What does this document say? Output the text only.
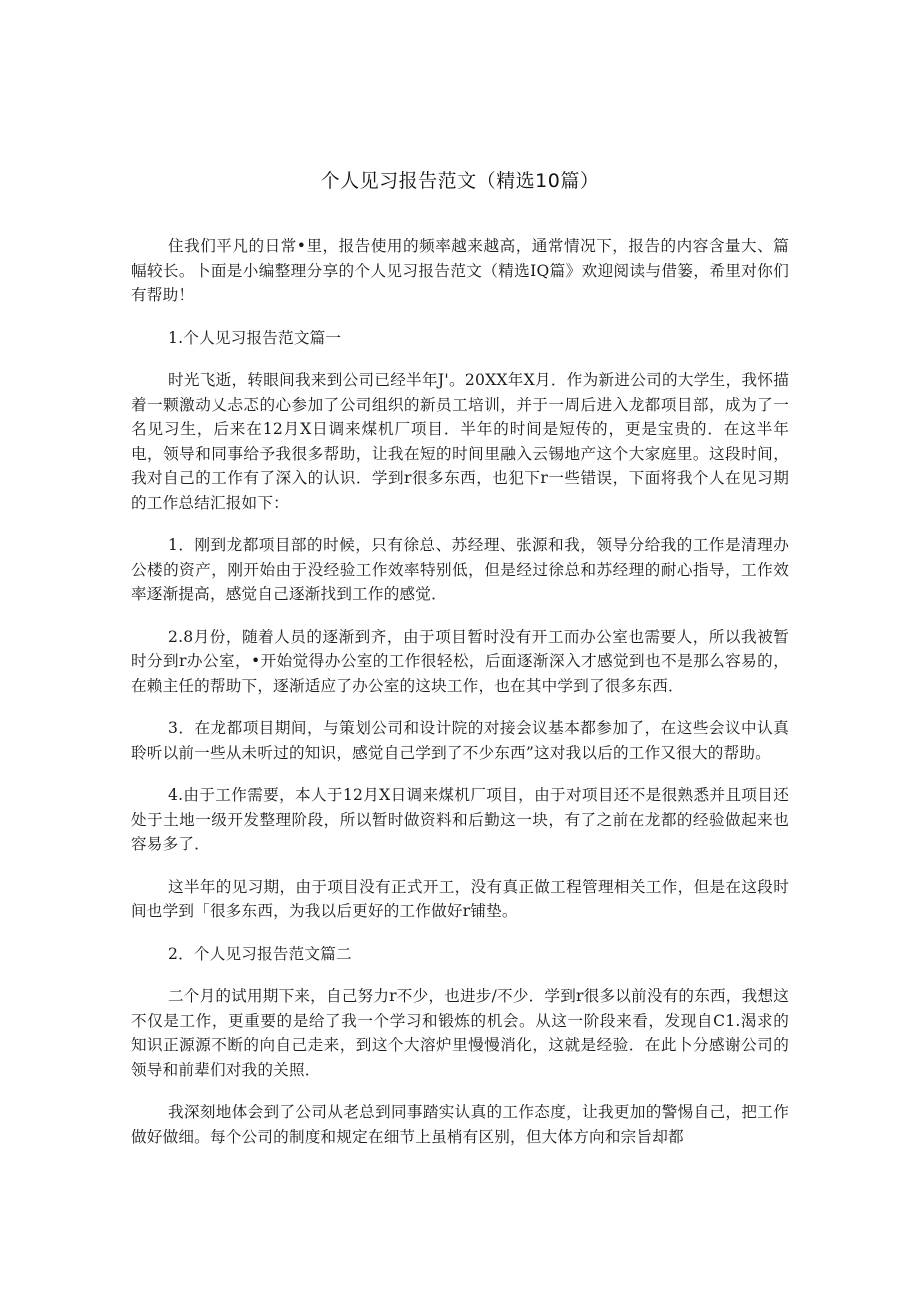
个人见习报告范文（精选10篇）

住我们平凡的日常•里，报告使用的频率越来越高，通常情况下，报告的内容含量大、篇幅较长。卜面是小编整理分享的个人见习报告范文（精选IQ篇》欢迎阅读与借篓，希里对你们有帮助！

1.个人见习报告范文篇一

时光飞逝，转眼间我来到公司已经半年J'。20XX年X月．作为新进公司的大学生，我怀描着一颗激动乂忐忑的心参加了公司组织的新员工培训，并于一周后进入龙都项目部，成为了一名见习生，后来在12月X日调来煤机厂项目．半年的时间是短传的，更是宝贵的．在这半年电，领导和同事给予我很多帮助，让我在短的时间里融入云锡地产这个大家庭里。这段时间，我对自己的工作有了深入的认识．学到r很多东西，也犯下r一些错误，下面将我个人在见习期的工作总结汇报如下：

1．刚到龙都项目部的时候，只有徐总、苏经理、张源和我，领导分给我的工作是清理办公楼的资产，刚开始由于没经验工作效率特别低，但是经过徐总和苏经理的耐心指导，工作效率逐渐提高，感觉自己逐渐找到工作的感觉．

2.8月份，随着人员的逐渐到齐，由于项目暂时没有开工而办公室也需要人，所以我被暂时分到r办公室，•开始觉得办公室的工作很轻松，后面逐渐深入才感觉到也不是那么容易的，在赖主任的帮助下，逐渐适应了办公室的这块工作，也在其中学到了很多东西．

3．在龙都项目期间，与策划公司和设计院的对接会议基本都参加了，在这些会议中认真聆听以前一些从未听过的知识，感觉自己学到了不少东西”这对我以后的工作又很大的帮助。

4.由于工作需要，本人于12月X日调来煤机厂项目，由于对项目还不是很熟悉并且项目还处于土地一级开发整理阶段，所以暂时做资料和后勤这一块，有了之前在龙都的经验做起来也容易多了．

这半年的见习期，由于项目没有正式开工，没有真正做工程管理相关工作，但是在这段时间也学到「很多东西，为我以后更好的工作做好r铺垫。

2．个人见习报告范文篇二

二个月的试用期下来，自己努力r不少，也进步/不少．学到r很多以前没有的东西，我想这不仅是工作，更重要的是给了我一个学习和锻炼的机会。从这一阶段来看，发现自C1.渴求的知识正源源不断的向自己走来，到这个大溶炉里慢慢消化，这就是经验．在此卜分感谢公司的领导和前辈们对我的关照．

我深刻地体会到了公司从老总到同事踏实认真的工作态度，让我更加的警惕自己，把工作做好做细。每个公司的制度和规定在细节上虽梢有区别，但大体方向和宗旨却都
